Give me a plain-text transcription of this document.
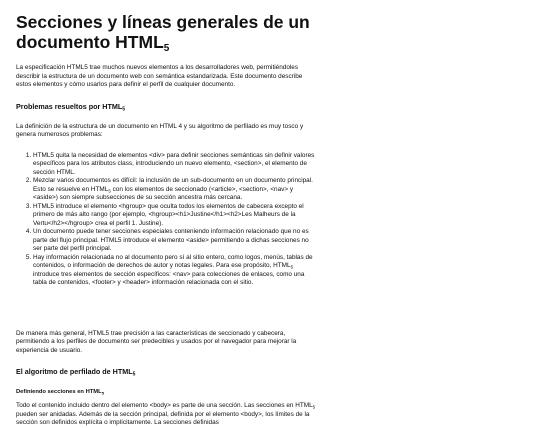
Secciones y líneas generales de un documento $HTML_5$

La especificación HTML5 trae muchos nuevos elementos a los desarrolladores web, permitiéndoles describir la estructura de un documento web con semántica estandarizada. Este documento describe estos elementos y cómo usarlos para definir el perfil de cualquier documento.

Problemas resueltos por $HTML_5$

La definición de la estructura de un documento en HTML 4 y su algoritmo de perfilado es muy tosco y genera numerosos problemas:

1. HTML5 quita la necesidad de elementos <div> para definir secciones semánticas sin definir valores específicos para los atributos class, introduciendo un nuevo elemento, <section>, el elemento de sección HTML.
2. Mezclar varios documentos es difícil: la inclusión de un sub-documento en un documento principal. Esto se resuelve en $HTML_5$ con los elementos de seccionado (<article>, <section>, <nav> y <aside>) son siempre subsecciones de su sección ancestra más cercana.
3. HTML5 introduce el elemento <hgroup> que oculta todos los elementos de cabecera excepto el primero de más alto rango (por ejemplo, <hgroup><h1>Justine</h1><h2>Les Malheurs de la Vertu</h2></hgroup> crea el perfil 1. Justine).
4. Un documento puede tener secciones especiales conteniendo información relacionado que no es parte del flujo principal. HTML5 introduce el elemento <aside> permitiendo a dichas secciones no ser parte del perfil principal.
5. Hay información relacionada no al documento pero sí al sitio entero, como logos, menús, tablas de contenidos, o información de derechos de autor y notas legales. Para ese propósito, $HTML_5$ introduce tres elementos de sección específicos: <nav> para colecciones de enlaces, como una tabla de contenidos, <footer> y <header> información relacionada con el sitio.

De manera más general, HTML5 trae precisión a las características de seccionado y cabecera, permitiendo a los perfiles de documento ser predecibles y usados por el navegador para mejorar la experiencia de usuario.

El algoritmo de perfilado de $HTML_5$
Definiendo secciones en $HTML_5$

Todo el contenido incluido dentro del elemento <body> es parte de una sección. Las secciones en $HTML_5$ pueden ser anidadas. Además de la sección principal, definida por el elemento <body>, los límites de la sección son definidos explícita o implícitamente. La secciones definidas
